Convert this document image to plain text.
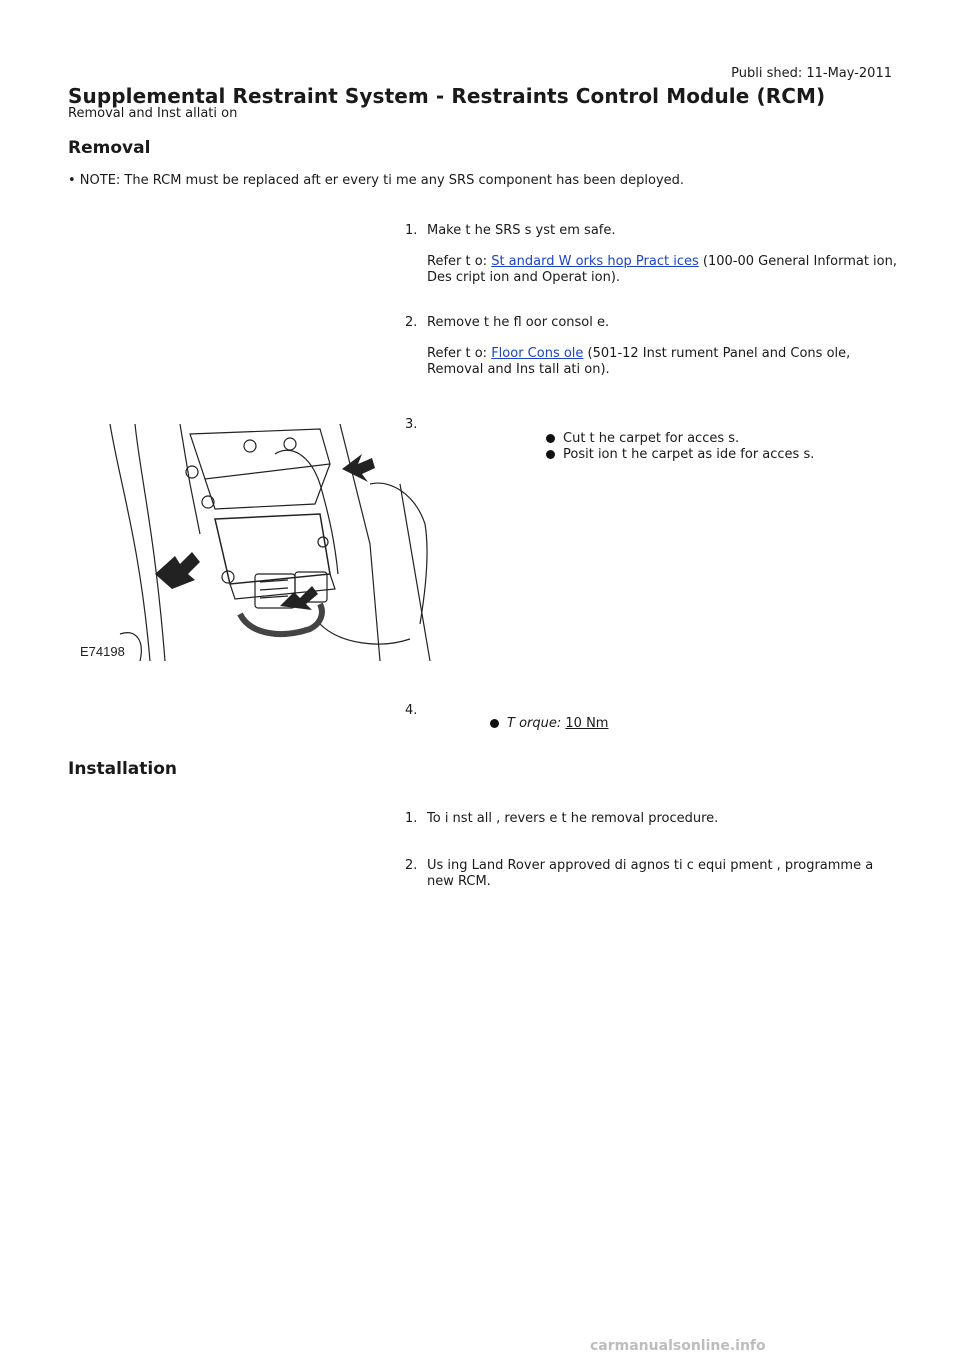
Publi shed: 11-May-2011
Supplemental Restraint System - Restraints Control Module (RCM)
Removal and Inst allati on
Removal
• NOTE: The RCM must be replaced aft er every ti me any SRS component has been deployed.
1. Make t he SRS s yst em safe.
Refer t o: St andard W orks hop Pract ices (100-00 General Informat ion, Des cript ion and Operat ion).
2. Remove t he fl oor consol e.
Refer t o: Floor Cons ole (501-12 Inst rument Panel and Cons ole, Removal and Ins tall ati on).
E74198
3.
Cut t he carpet for acces s.
Posit ion t he carpet as ide for acces s.
4.
T orque: 10 Nm
Installation
1. To i nst all , revers e t he removal procedure.
2. Us ing Land Rover approved di agnos ti c equi pment , programme a new RCM.
carmanualsonline.info
